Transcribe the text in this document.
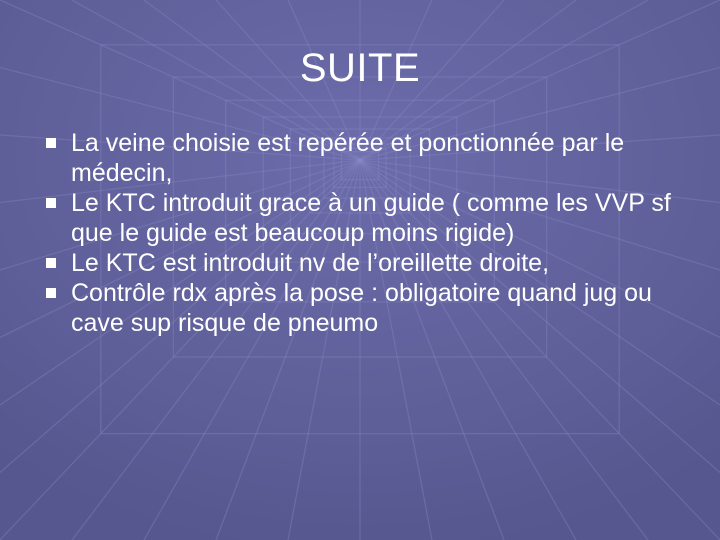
SUITE
La veine choisie est repérée et ponctionnée par le médecin,
Le KTC introduit grace à un guide ( comme les VVP sf que le guide est beaucoup moins rigide)
Le KTC est introduit nv de l’oreillette droite,
Contrôle rdx après la pose : obligatoire quand jug ou cave sup risque de pneumo
